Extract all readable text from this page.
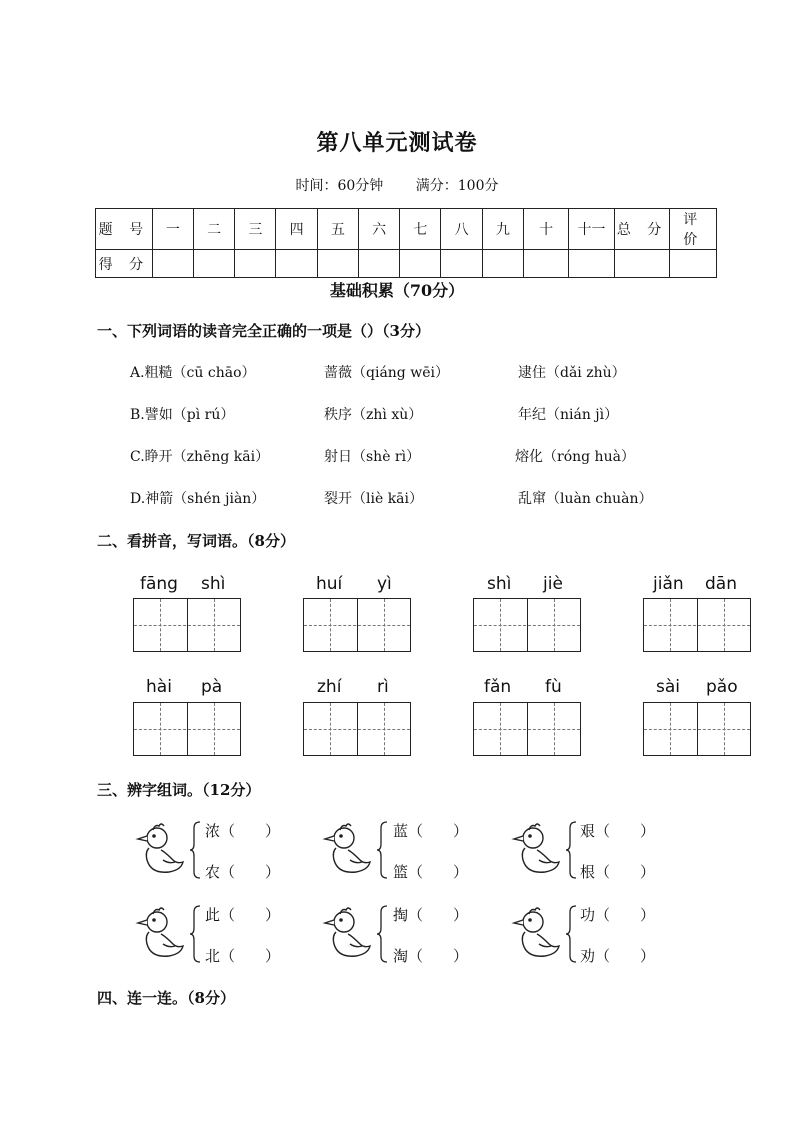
第八单元测试卷
时间：60分钟 满分：100分
题 号	一	二	三	四	五	六	七	八	九	十	十一	总 分	评 价
得 分													
基础积累（70分）
一、下列词语的读音完全正确的一项是（）（3分）
A.粗糙（cū chāo）	蔷薇（qiáng wēi）	逮住（dǎi zhù）
B.譬如（pì rú）	秩序（zhì xù）	年纪（nián jì）
C.睁开（zhēng kāi）	射日（shè rì）	熔化（róng huà）
D.神箭（shén jiàn）	裂开（liè kāi）	乱窜（luàn chuàn）
二、看拼音，写词语。（8分）
fāng shì	huí yì	shì jiè	jiǎn dān
hài pà	zhí rì	fǎn fù	sài pǎo
三、辨字组词。（12分）
浓（　　）
农（　　）
蓝（　　）
篮（　　）
艰（　　）
根（　　）
此（　　）
北（　　）
掏（　　）
淘（　　）
功（　　）
劝（　　）
四、连一连。（8分）
